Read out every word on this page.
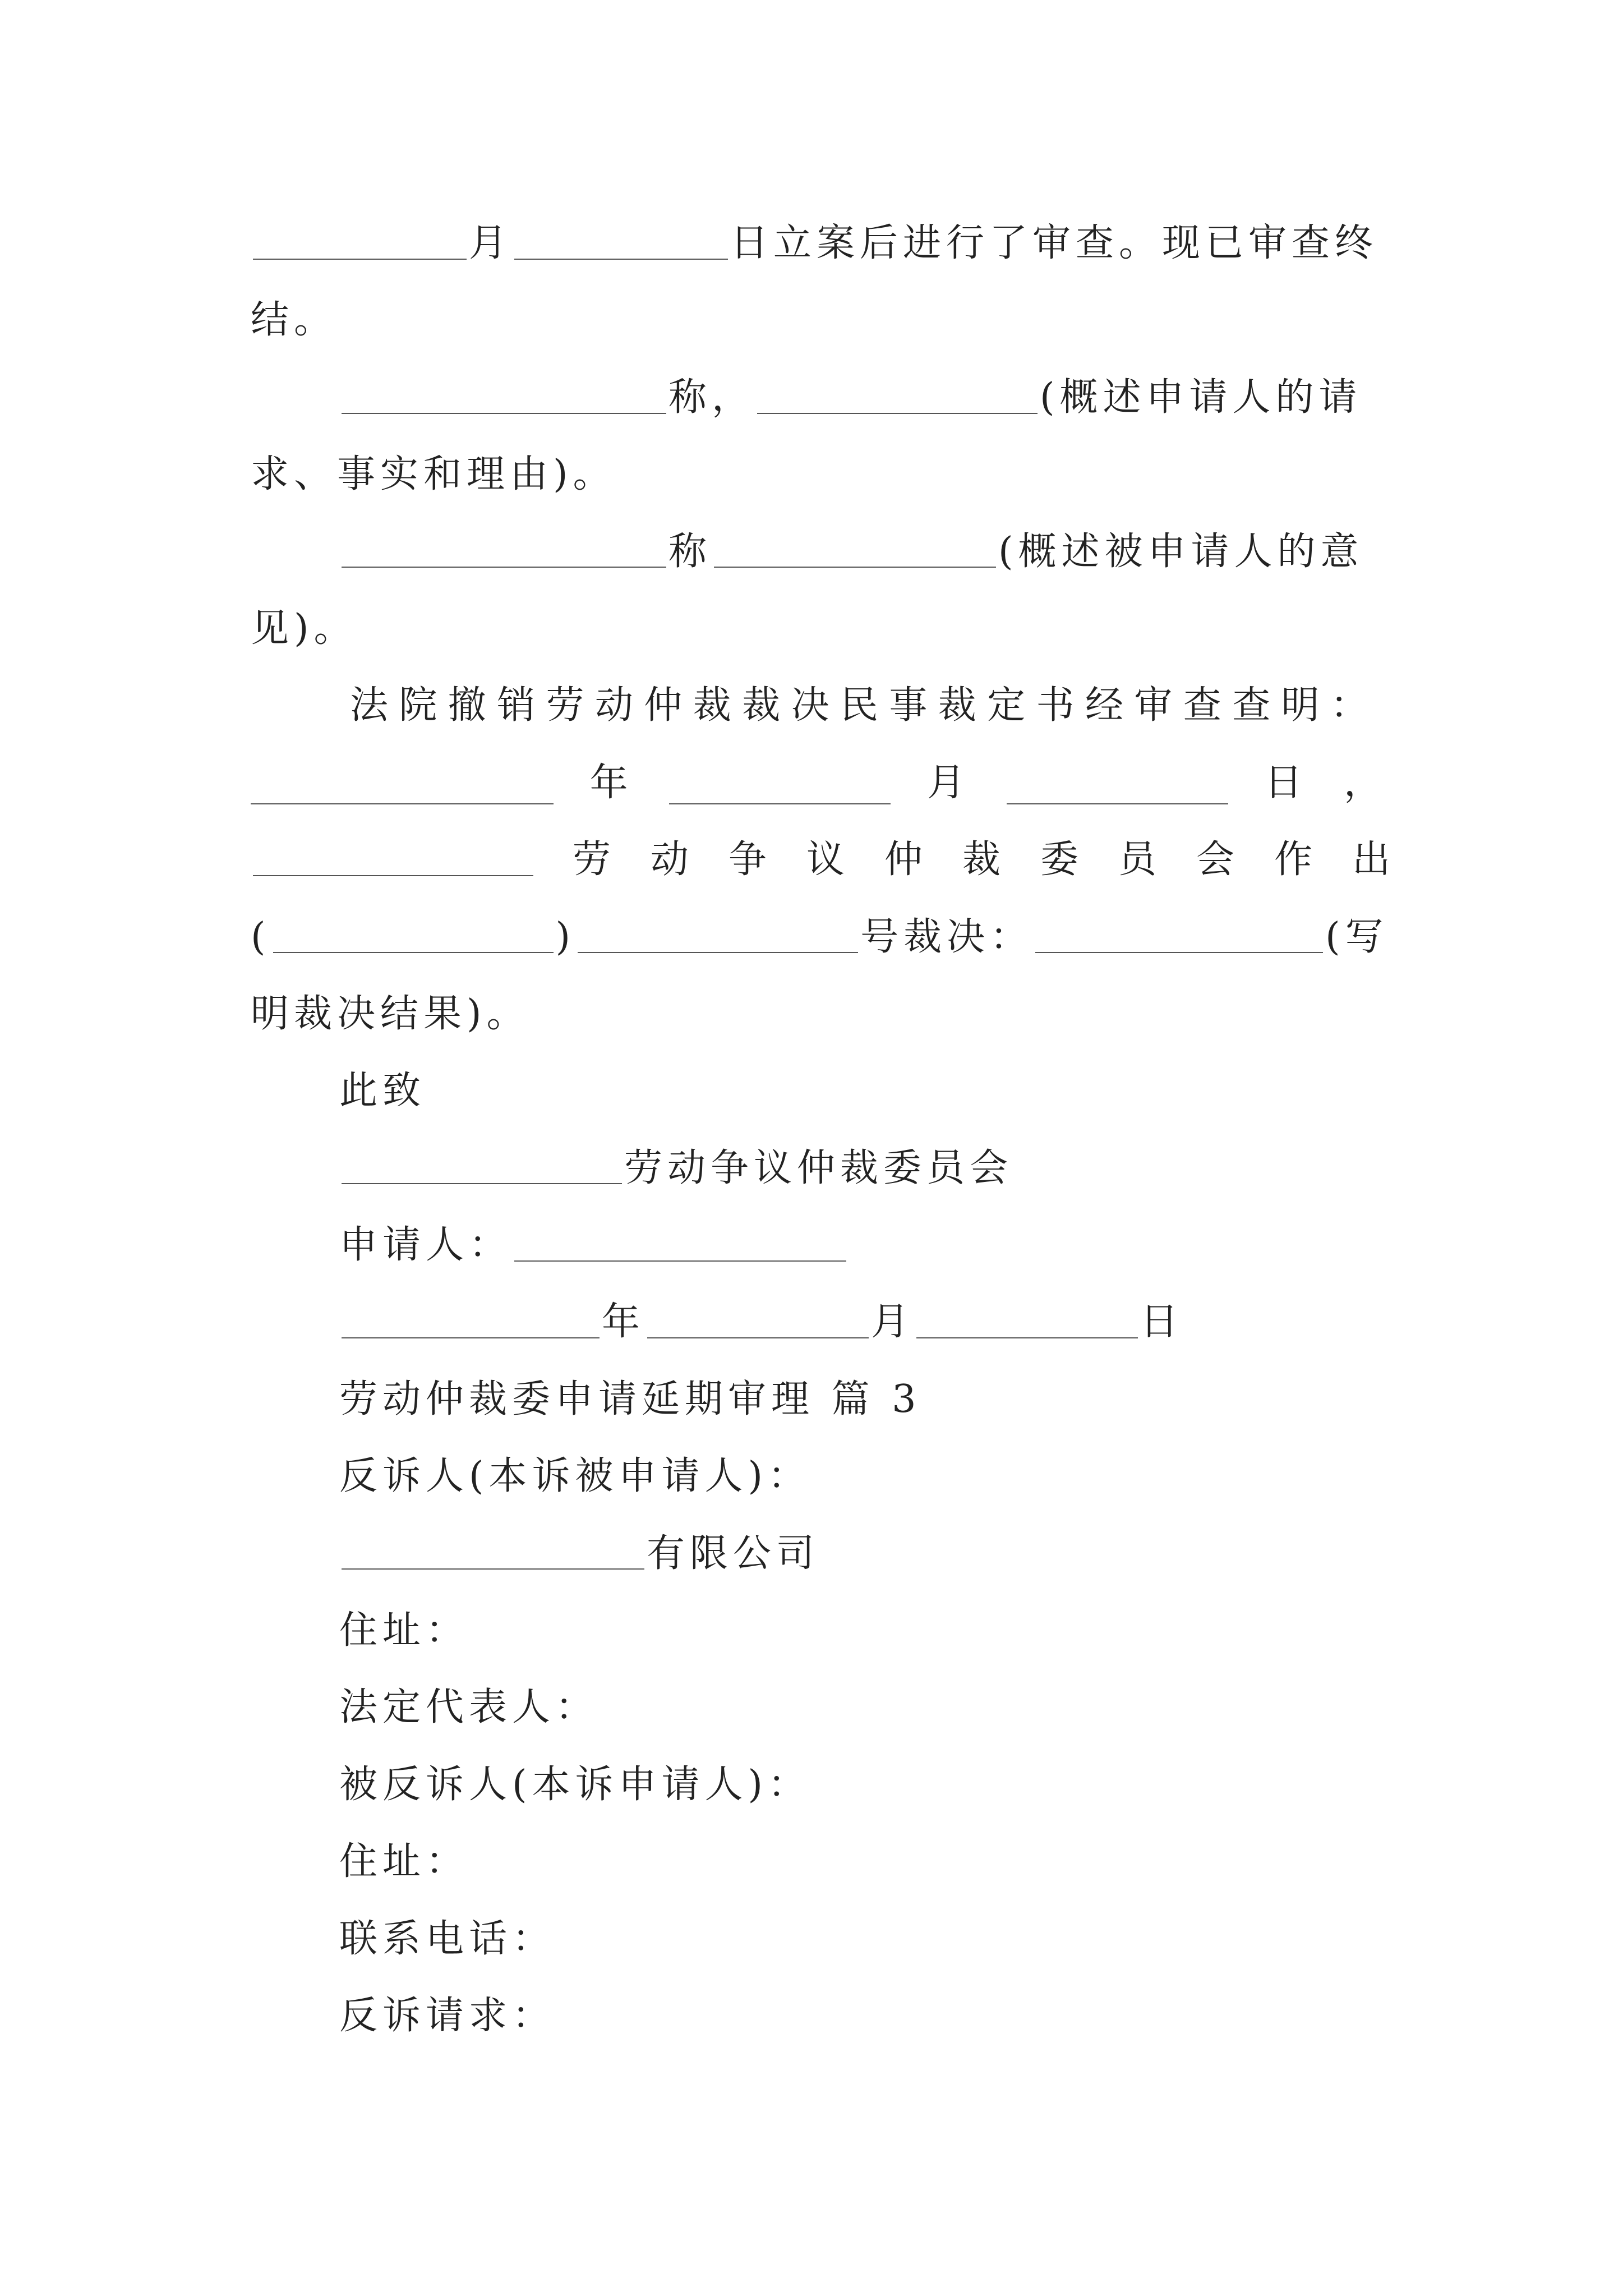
月	日立案后进行了审查。现已审查终
结。
称，	(概述申请人的请
求、事实和理由)。
称	(概述被申请人的意
见)。
法院撤销劳动仲裁裁决民事裁定书经审查查明：
年	月	日 ，
劳动争议仲裁委员会作出
(	)	号裁决：	(写
明裁决结果)。
此致
劳动争议仲裁委员会
申请人：
年	月	日
劳动仲裁委申请延期审理 篇 3
反诉人(本诉被申请人)：
有限公司
住址：
法定代表人：
被反诉人(本诉申请人)：
住址：
联系电话：
反诉请求：
